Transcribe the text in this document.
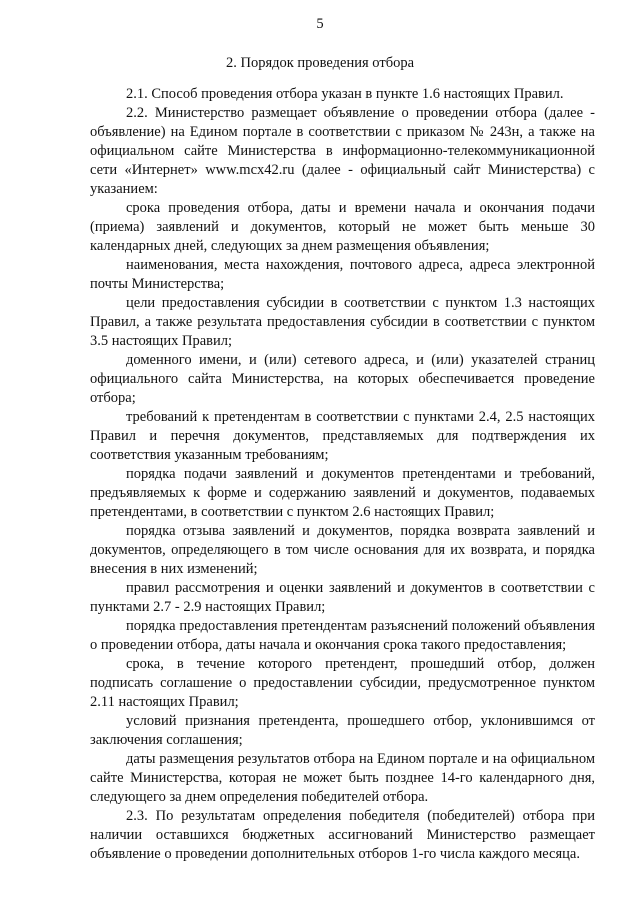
5
2. Порядок проведения отбора

2.1. Способ проведения отбора указан в пункте 1.6 настоящих Правил.

2.2. Министерство размещает объявление о проведении отбора (далее - объявление) на Едином портале в соответствии с приказом № 243н, а также на официальном сайте Министерства в информационно-телекоммуникационной сети «Интернет» www.mcx42.ru (далее - официальный сайт Министерства) с указанием:

срока проведения отбора, даты и времени начала и окончания подачи (приема) заявлений и документов, который не может быть меньше 30 календарных дней, следующих за днем размещения объявления;

наименования, места нахождения, почтового адреса, адреса электронной почты Министерства;

цели предоставления субсидии в соответствии с пунктом 1.3 настоящих Правил, а также результата предоставления субсидии в соответствии с пунктом 3.5 настоящих Правил;

доменного имени, и (или) сетевого адреса, и (или) указателей страниц официального сайта Министерства, на которых обеспечивается проведение отбора;

требований к претендентам в соответствии с пунктами 2.4, 2.5 настоящих Правил и перечня документов, представляемых для подтверждения их соответствия указанным требованиям;

порядка подачи заявлений и документов претендентами и требований, предъявляемых к форме и содержанию заявлений и документов, подаваемых претендентами, в соответствии с пунктом 2.6 настоящих Правил;

порядка отзыва заявлений и документов, порядка возврата заявлений и документов, определяющего в том числе основания для их возврата, и порядка внесения в них изменений;

правил рассмотрения и оценки заявлений и документов в соответствии с пунктами 2.7 - 2.9 настоящих Правил;

порядка предоставления претендентам разъяснений положений объявления о проведении отбора, даты начала и окончания срока такого предоставления;

срока, в течение которого претендент, прошедший отбор, должен подписать соглашение о предоставлении субсидии, предусмотренное пунктом 2.11 настоящих Правил;

условий признания претендента, прошедшего отбор, уклонившимся от заключения соглашения;

даты размещения результатов отбора на Едином портале и на официальном сайте Министерства, которая не может быть позднее 14-го календарного дня, следующего за днем определения победителей отбора.

2.3. По результатам определения победителя (победителей) отбора при наличии оставшихся бюджетных ассигнований Министерство размещает объявление о проведении дополнительных отборов 1-го числа каждого месяца.
